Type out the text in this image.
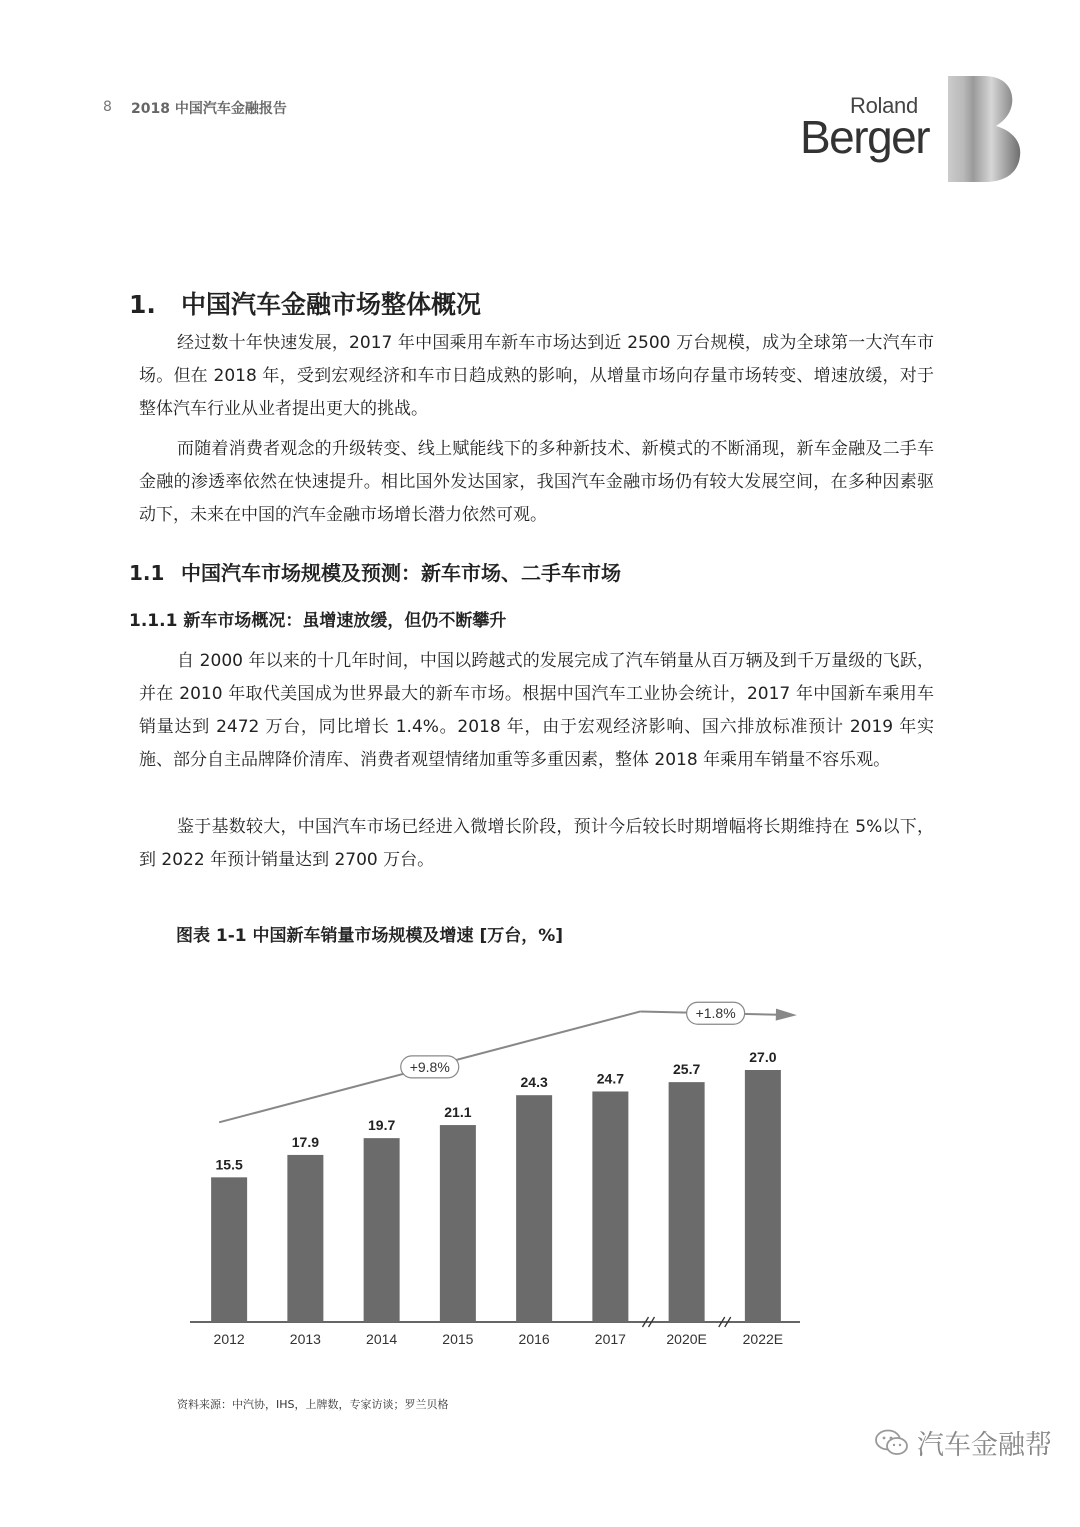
8 2018 中国汽车金融报告	Roland
Berger
1. 中国汽车金融市场整体概况

经过数十年快速发展，2017 年中国乘用车新车市场达到近 2500 万台规模，成为全球第一大汽车市场。但在 2018 年，受到宏观经济和车市日趋成熟的影响，从增量市场向存量市场转变、增速放缓，对于整体汽车行业从业者提出更大的挑战。

而随着消费者观念的升级转变、线上赋能线下的多种新技术、新模式的不断涌现，新车金融及二手车金融的渗透率依然在快速提升。相比国外发达国家，我国汽车金融市场仍有较大发展空间，在多种因素驱动下，未来在中国的汽车金融市场增长潜力依然可观。

1.1 中国汽车市场规模及预测：新车市场、二手车市场
1.1.1 新车市场概况：虽增速放缓，但仍不断攀升

自 2000 年以来的十几年时间，中国以跨越式的发展完成了汽车销量从百万辆及到千万量级的飞跃，并在 2010 年取代美国成为世界最大的新车市场。根据中国汽车工业协会统计，2017 年中国新车乘用车销量达到 2472 万台，同比增长 1.4%。2018 年，由于宏观经济影响、国六排放标准预计 2019 年实施、部分自主品牌降价清库、消费者观望情绪加重等多重因素，整体 2018 年乘用车销量不容乐观。

鉴于基数较大，中国汽车市场已经进入微增长阶段，预计今后较长时期增幅将长期维持在 5%以下，到 2022 年预计销量达到 2700 万台。

图表 1-1 中国新车销量市场规模及增速 [万台，%]
15.5
2012
17.9
2013
19.7
2014
21.1
2015
24.3
2016
24.7
2017
25.7
2020E
27.0
2022E
+9.8%
+1.8%
资料来源：中汽协，IHS，上牌数，专家访谈；罗兰贝格
汽车金融帮
